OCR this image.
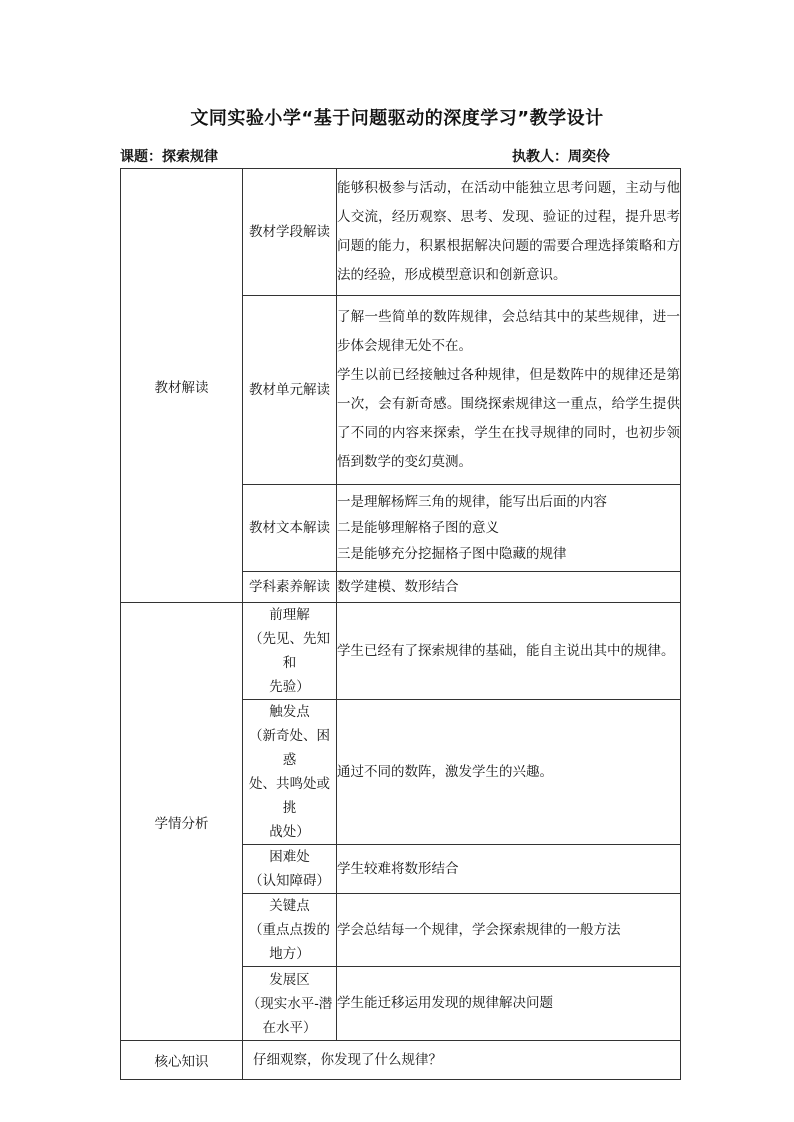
文同实验小学“基于问题驱动的深度学习”教学设计
课题：探索规律	执教人：周奕伶
教材解读	教材学段解读	能够积极参与活动，在活动中能独立思考问题，主动与他人交流，经历观察、思考、发现、验证的过程，提升思考问题的能力，积累根据解决问题的需要合理选择策略和方法的经验，形成模型意识和创新意识。
	教材单元解读	了解一些简单的数阵规律，会总结其中的某些规律，进一步体会规律无处不在。

学生以前已经接触过各种规律，但是数阵中的规律还是第一次，会有新奇感。围绕探索规律这一重点，给学生提供了不同的内容来探索，学生在找寻规律的同时，也初步领悟到数学的变幻莫测。

	教材文本解读	一是理解杨辉三角的规律，能写出后面的内容

二是能够理解格子图的意义

三是能够充分挖掘格子图中隐藏的规律

	学科素养解读	数学建模、数形结合
学情分析	前理解
（先见、先知和
先验）	学生已经有了探索规律的基础，能自主说出其中的规律。

	触发点
（新奇处、困惑
处、共鸣处或挑
战处）	通过不同的数阵，激发学生的兴趣。

	困难处
（认知障碍）	学生较难将数形结合

	关键点
（重点点拨的
地方）	学会总结每一个规律，学会探索规律的一般方法

	发展区
（现实水平-潜
在水平）	学生能迁移运用发现的规律解决问题
核心知识	仔细观察，你发现了什么规律？	
